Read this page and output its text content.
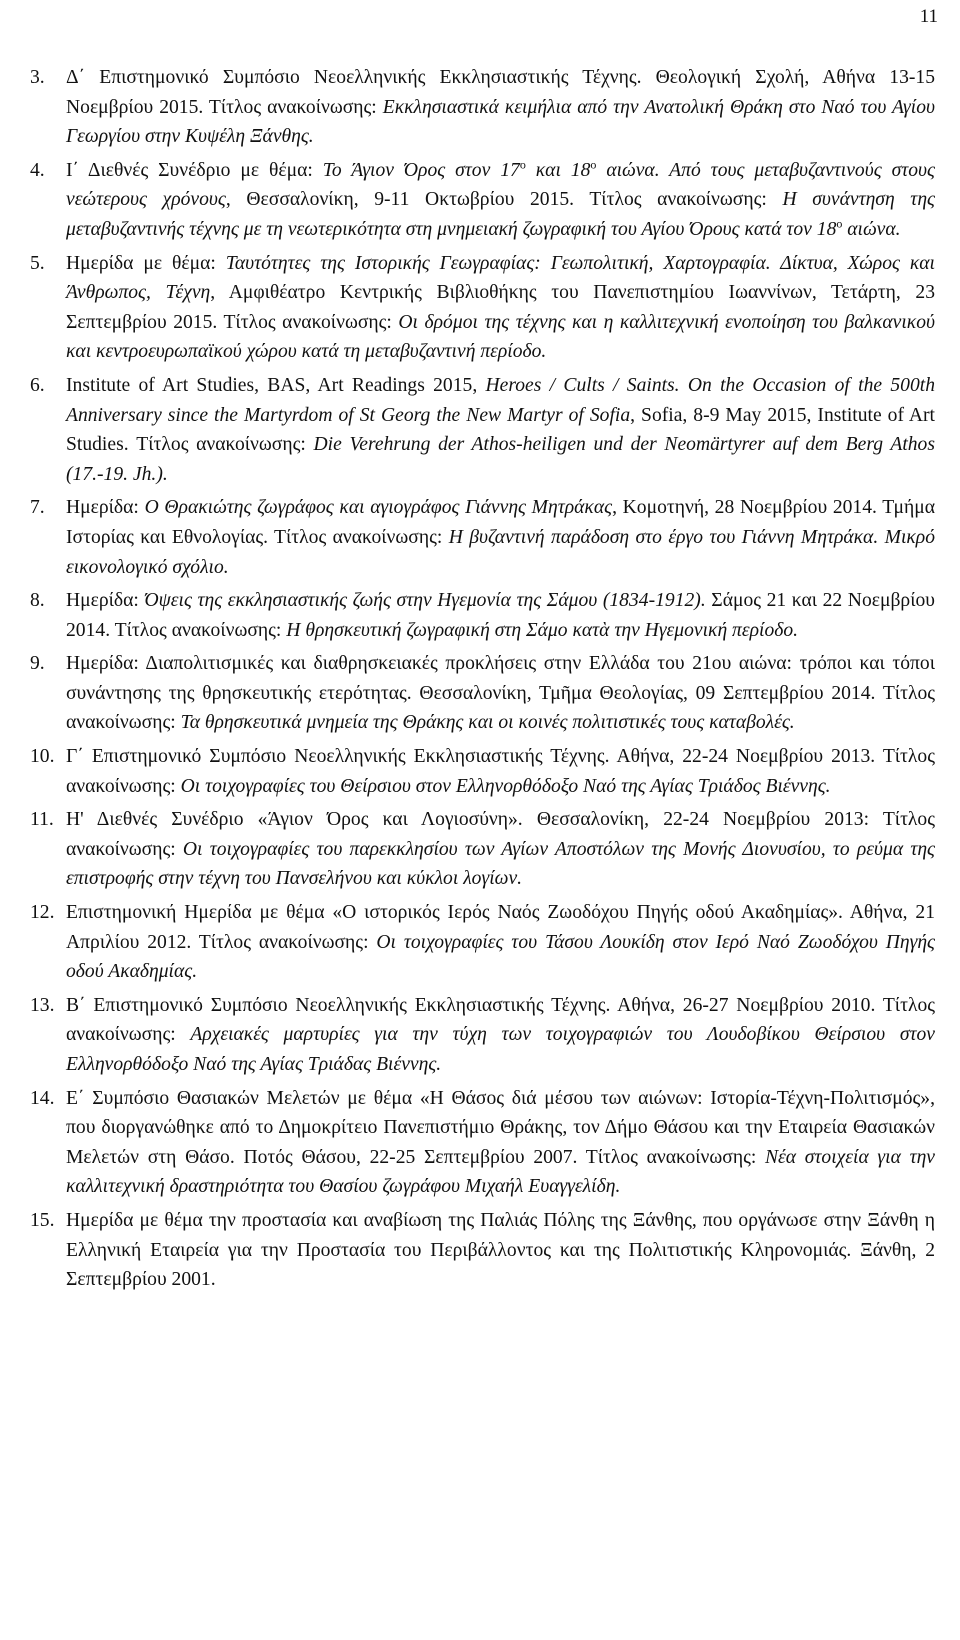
11
3.	Δ΄ Επιστημονικό Συμπόσιο Νεοελληνικής Εκκλησιαστικής Τέχνης. Θεολογική Σχολή, Αθήνα 13-15 Νοεμβρίου 2015. Τίτλος ανακοίνωσης: Εκκλησιαστικά κειμήλια από την Ανατολική Θράκη στο Ναό του Αγίου Γεωργίου στην Κυψέλη Ξάνθης.
4.	Ι΄ Διεθνές Συνέδριο με θέμα: Το Άγιον Όρος στον $17^o$ και $18^o$ αιώνα. Από τους μεταβυζαντινούς στους νεώτερους χρόνους, Θεσσαλονίκη, 9-11 Οκτωβρίου 2015. Τίτλος ανακοίνωσης: Η συνάντηση της μεταβυζαντινής τέχνης με τη νεωτερικότητα στη μνημειακή ζωγραφική του Αγίου Όρους κατά τον $18^o$ αιώνα.
5.	Ημερίδα με θέμα: Ταυτότητες της Ιστορικής Γεωγραφίας: Γεωπολιτική, Χαρτογραφία. Δίκτυα, Χώρος και Άνθρωπος, Τέχνη, Αμφιθέατρο Κεντρικής Βιβλιοθήκης του Πανεπιστημίου Ιωαννίνων, Τετάρτη, 23 Σεπτεμβρίου 2015. Τίτλος ανακοίνωσης: Οι δρόμοι της τέχνης και η καλλιτεχνική ενοποίηση του βαλκανικού και κεντροευρωπαϊκού χώρου κατά τη μεταβυζαντινή περίοδο.
6.	Institute of Art Studies, BAS, Art Readings 2015, Heroes / Cults / Saints. On the Occasion of the 500th Anniversary since the Martyrdom of St Georg the New Martyr of Sofia, Sofia, 8-9 May 2015, Institute of Art Studies. Τίτλος ανακοίνωσης: Die Verehrung der Athos-heiligen und der Neomärtyrer auf dem Berg Athos (17.-19. Jh.).
7.	Ημερίδα: Ο Θρακιώτης ζωγράφος και αγιογράφος Γιάννης Μητράκας, Κομοτηνή, 28 Νοεμβρίου 2014. Τμήμα Ιστορίας και Εθνολογίας. Τίτλος ανακοίνωσης: Η βυζαντινή παράδοση στο έργο του Γιάννη Μητράκα. Μικρό εικονολογικό σχόλιο.
8.	Ημερίδα: Όψεις της εκκλησιαστικής ζωής στην Ηγεμονία της Σάμου (1834-1912). Σάμος 21 και 22 Νοεμβρίου 2014. Τίτλος ανακοίνωσης: Η θρησκευτική ζωγραφική στη Σάμο κατὰ την Ηγεμονική περίοδο.
9.	Ημερίδα: Διαπολιτισμικές και διαθρησκειακές προκλήσεις στην Ελλάδα του 21ου αιώνα: τρόποι και τόποι συνάντησης της θρησκευτικής ετερότητας. Θεσσαλονίκη, Τμῆμα Θεολογίας, 09 Σεπτεμβρίου 2014. Τίτλος ανακοίνωσης: Τα θρησκευτικά μνημεία της Θράκης και οι κοινές πολιτιστικές τους καταβολές.
10. Γ΄ Επιστημονικό Συμπόσιο Νεοελληνικής Εκκλησιαστικής Τέχνης. Αθήνα, 22-24 Νοεμβρίου 2013. Τίτλος ανακοίνωσης: Οι τοιχογραφίες του Θείρσιου στον Ελληνορθόδοξο Ναό της Αγίας Τριάδος Βιέννης.
11. Η' Διεθνές Συνέδριο «Άγιον Όρος και Λογιοσύνη». Θεσσαλονίκη, 22-24 Νοεμβρίου 2013: Τίτλος ανακοίνωσης: Οι τοιχογραφίες του παρεκκλησίου των Αγίων Αποστόλων της Μονής Διονυσίου, το ρεύμα της επιστροφής στην τέχνη του Πανσελήνου και κύκλοι λογίων.
12. Επιστημονική Ημερίδα με θέμα «Ο ιστορικός Ιερός Ναός Ζωοδόχου Πηγής οδού Ακαδημίας». Αθήνα, 21 Απριλίου 2012. Τίτλος ανακοίνωσης: Οι τοιχογραφίες του Τάσου Λουκίδη στον Ιερό Ναό Ζωοδόχου Πηγής οδού Ακαδημίας.
13. Β΄ Επιστημονικό Συμπόσιο Νεοελληνικής Εκκλησιαστικής Τέχνης. Αθήνα, 26-27 Νοεμβρίου 2010. Τίτλος ανακοίνωσης: Αρχειακές μαρτυρίες για την τύχη των τοιχογραφιών του Λουδοβίκου Θείρσιου στον Ελληνορθόδοξο Ναό της Αγίας Τριάδας Βιέννης.
14. Ε΄ Συμπόσιο Θασιακών Μελετών με θέμα «Η Θάσος διά μέσου των αιώνων: Ιστορία-Τέχνη-Πολιτισμός», που διοργανώθηκε από το Δημοκρίτειο Πανεπιστήμιο Θράκης, τον Δήμο Θάσου και την Εταιρεία Θασιακών Μελετών στη Θάσο. Ποτός Θάσου, 22-25 Σεπτεμβρίου 2007. Τίτλος ανακοίνωσης: Νέα στοιχεία για την καλλιτεχνική δραστηριότητα του Θασίου ζωγράφου Μιχαήλ Ευαγγελίδη.
15. Ημερίδα με θέμα την προστασία και αναβίωση της Παλιάς Πόλης της Ξάνθης, που οργάνωσε στην Ξάνθη η Ελληνική Εταιρεία για την Προστασία του Περιβάλλοντος και της Πολιτιστικής Κληρονομιάς. Ξάνθη, 2 Σεπτεμβρίου 2001.
